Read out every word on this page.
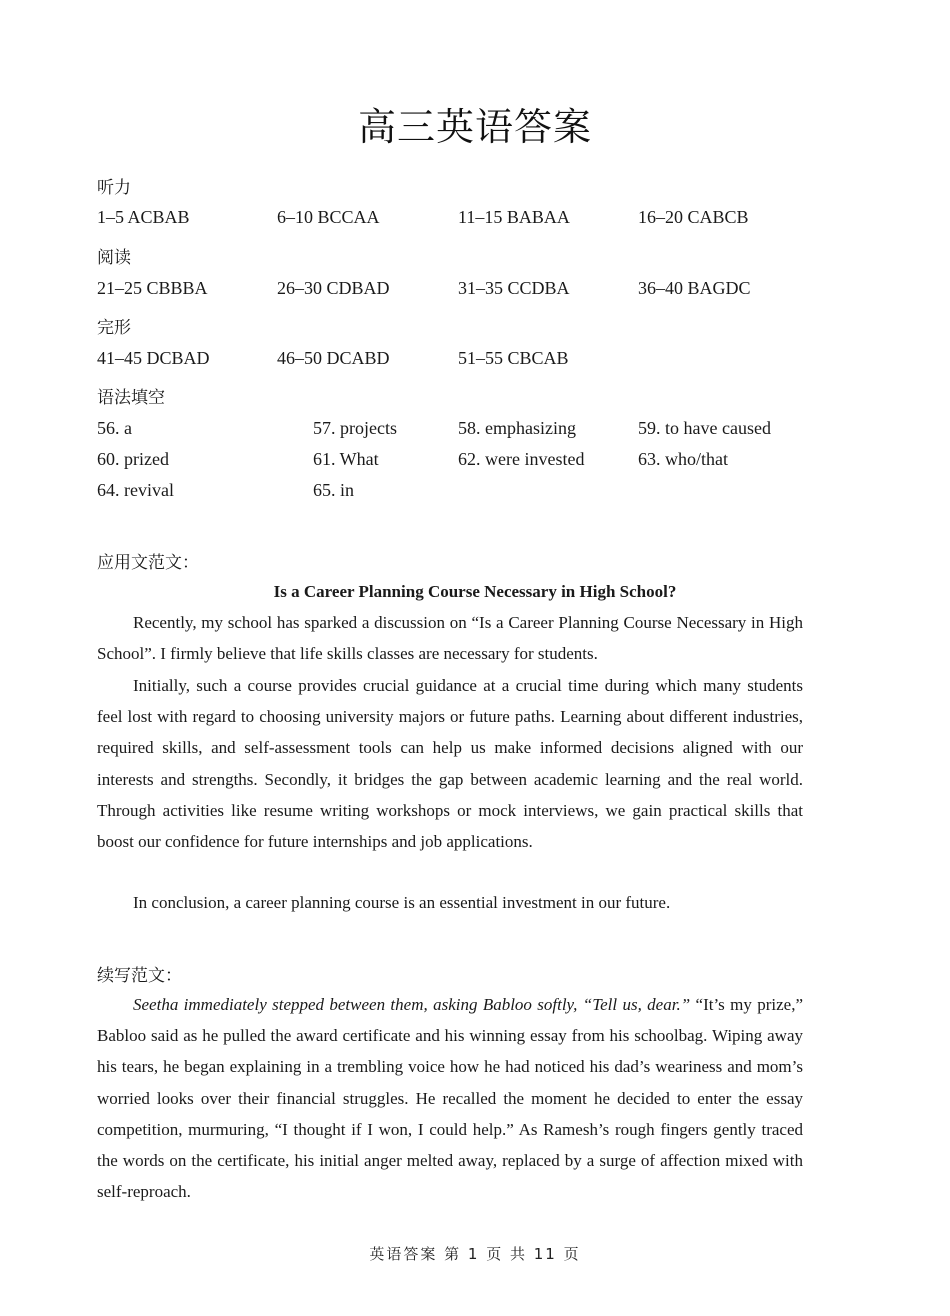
高三英语答案
听力
1–5 ACBAB	6–10 BCCAA	11–15 BABAA	16–20 CABCB
阅读
21–25 CBBBA	26–30 CDBAD	31–35 CCDBA	36–40 BAGDC
完形
41–45 DCBAD	46–50 DCABD	51–55 CBCAB
语法填空
56. a	57. projects	58. emphasizing	59. to have caused
60. prized	61. What	62. were invested	63. who/that
64. revival	65. in
应用文范文：
Is a Career Planning Course Necessary in High School?

Recently, my school has sparked a discussion on “Is a Career Planning Course Necessary in High School”. I firmly believe that life skills classes are necessary for students.

Initially, such a course provides crucial guidance at a crucial time during which many students feel lost with regard to choosing university majors or future paths. Learning about different industries, required skills, and self-assessment tools can help us make informed decisions aligned with our interests and strengths. Secondly, it bridges the gap between academic learning and the real world. Through activities like resume writing workshops or mock interviews, we gain practical skills that boost our confidence for future internships and job applications.

In conclusion, a career planning course is an essential investment in our future.

续写范文：

Seetha immediately stepped between them, asking Babloo softly, “Tell us, dear.” “It’s my prize,” Babloo said as he pulled the award certificate and his winning essay from his schoolbag. Wiping away his tears, he began explaining in a trembling voice how he had noticed his dad’s weariness and mom’s worried looks over their financial struggles. He recalled the moment he decided to enter the essay competition, murmuring, “I thought if I won, I could help.” As Ramesh’s rough fingers gently traced the words on the certificate, his initial anger melted away, replaced by a surge of affection mixed with self-reproach.

英语答案 第 1 页 共 11 页
